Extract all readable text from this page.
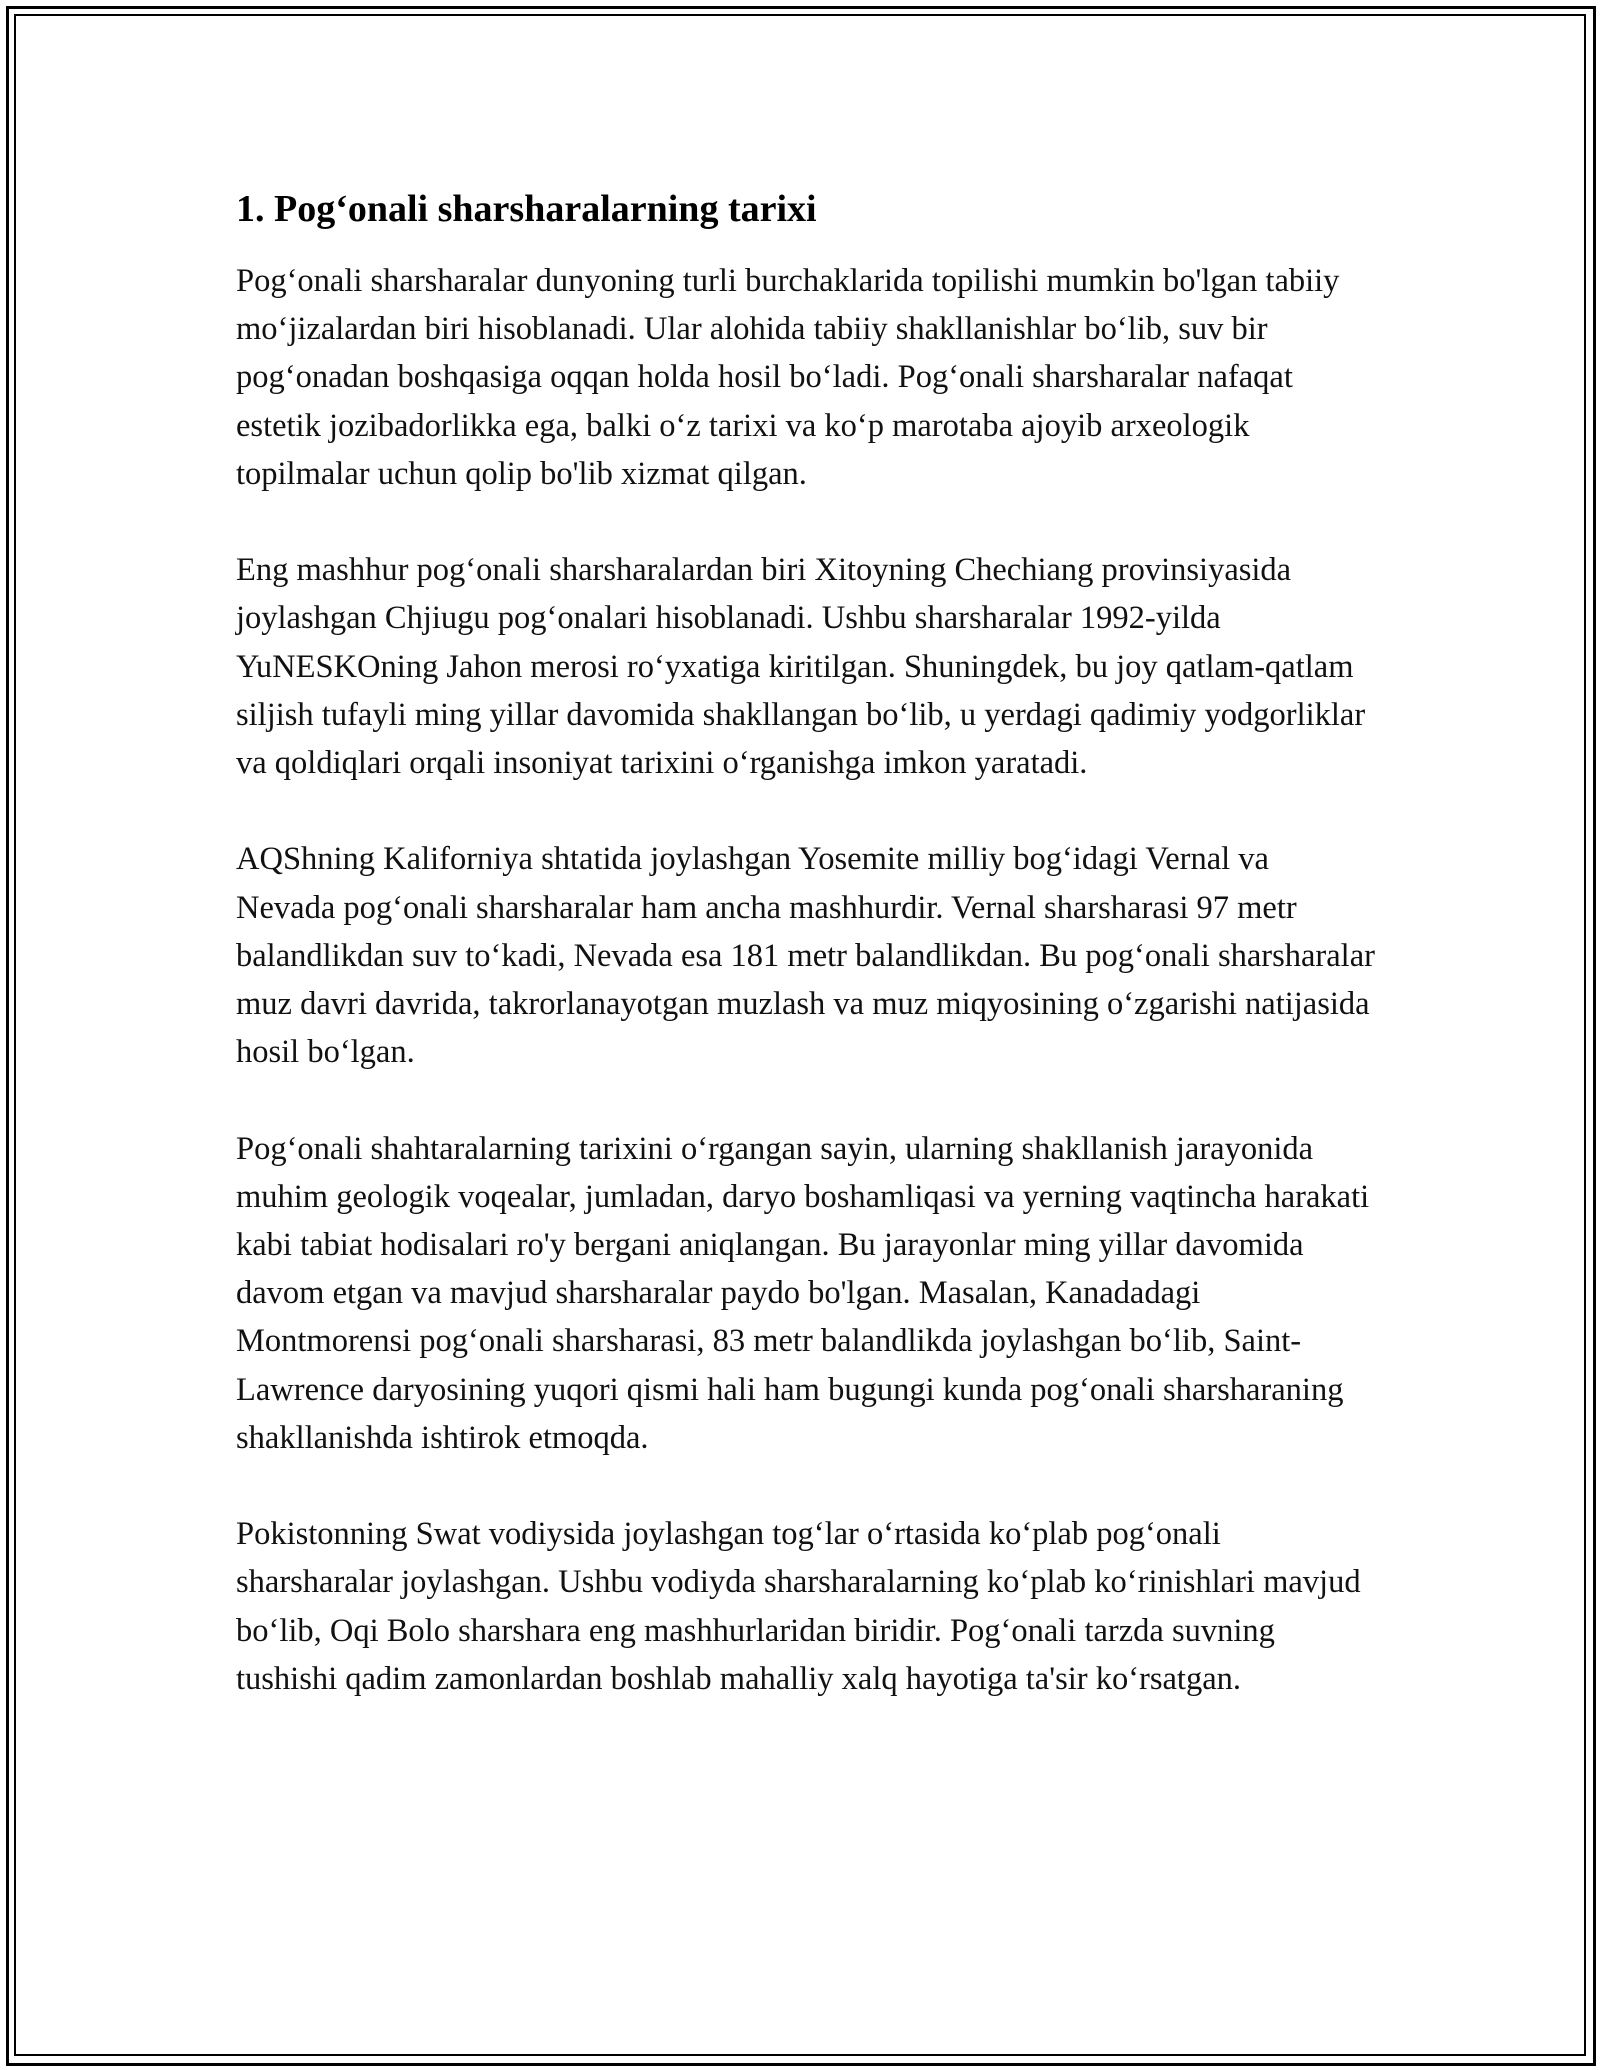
1. Pog‘onali sharsharalarning tarixi

Pog‘onali sharsharalar dunyoning turli burchaklarida topilishi mumkin bo'lgan tabiiy mo‘jizalardan biri hisoblanadi. Ular alohida tabiiy shakllanishlar bo‘lib, suv bir pog‘onadan boshqasiga oqqan holda hosil bo‘ladi. Pog‘onali sharsharalar nafaqat estetik jozibadorlikka ega, balki o‘z tarixi va ko‘p marotaba ajoyib arxeologik topilmalar uchun qolip bo'lib xizmat qilgan.

Eng mashhur pog‘onali sharsharalardan biri Xitoyning Chechiang provinsiyasida joylashgan Chjiugu pog‘onalari hisoblanadi. Ushbu sharsharalar 1992-yilda YuNESKOning Jahon merosi ro‘yxatiga kiritilgan. Shuningdek, bu joy qatlam-qatlam siljish tufayli ming yillar davomida shakllangan bo‘lib, u yerdagi qadimiy yodgorliklar va qoldiqlari orqali insoniyat tarixini o‘rganishga imkon yaratadi.

AQShning Kaliforniya shtatida joylashgan Yosemite milliy bog‘idagi Vernal va Nevada pog‘onali sharsharalar ham ancha mashhurdir. Vernal sharsharasi 97 metr balandlikdan suv to‘kadi, Nevada esa 181 metr balandlikdan. Bu pog‘onali sharsharalar muz davri davrida, takrorlanayotgan muzlash va muz miqyosining o‘zgarishi natijasida hosil bo‘lgan.

Pog‘onali shahtaralarning tarixini o‘rgangan sayin, ularning shakllanish jarayonida muhim geologik voqealar, jumladan, daryo boshamliqasi va yerning vaqtincha harakati kabi tabiat hodisalari ro'y bergani aniqlangan. Bu jarayonlar ming yillar davomida davom etgan va mavjud sharsharalar paydo bo'lgan. Masalan, Kanadadagi Montmorensi pog‘onali sharsharasi, 83 metr balandlikda joylashgan bo‘lib, Saint-Lawrence daryosining yuqori qismi hali ham bugungi kunda pog‘onali sharsharaning shakllanishda ishtirok etmoqda.

Pokistonning Swat vodiysida joylashgan tog‘lar o‘rtasida ko‘plab pog‘onali sharsharalar joylashgan. Ushbu vodiyda sharsharalarning ko‘plab ko‘rinishlari mavjud bo‘lib, Oqi Bolo sharshara eng mashhurlaridan biridir. Pog‘onali tarzda suvning tushishi qadim zamonlardan boshlab mahalliy xalq hayotiga ta'sir ko‘rsatgan.
